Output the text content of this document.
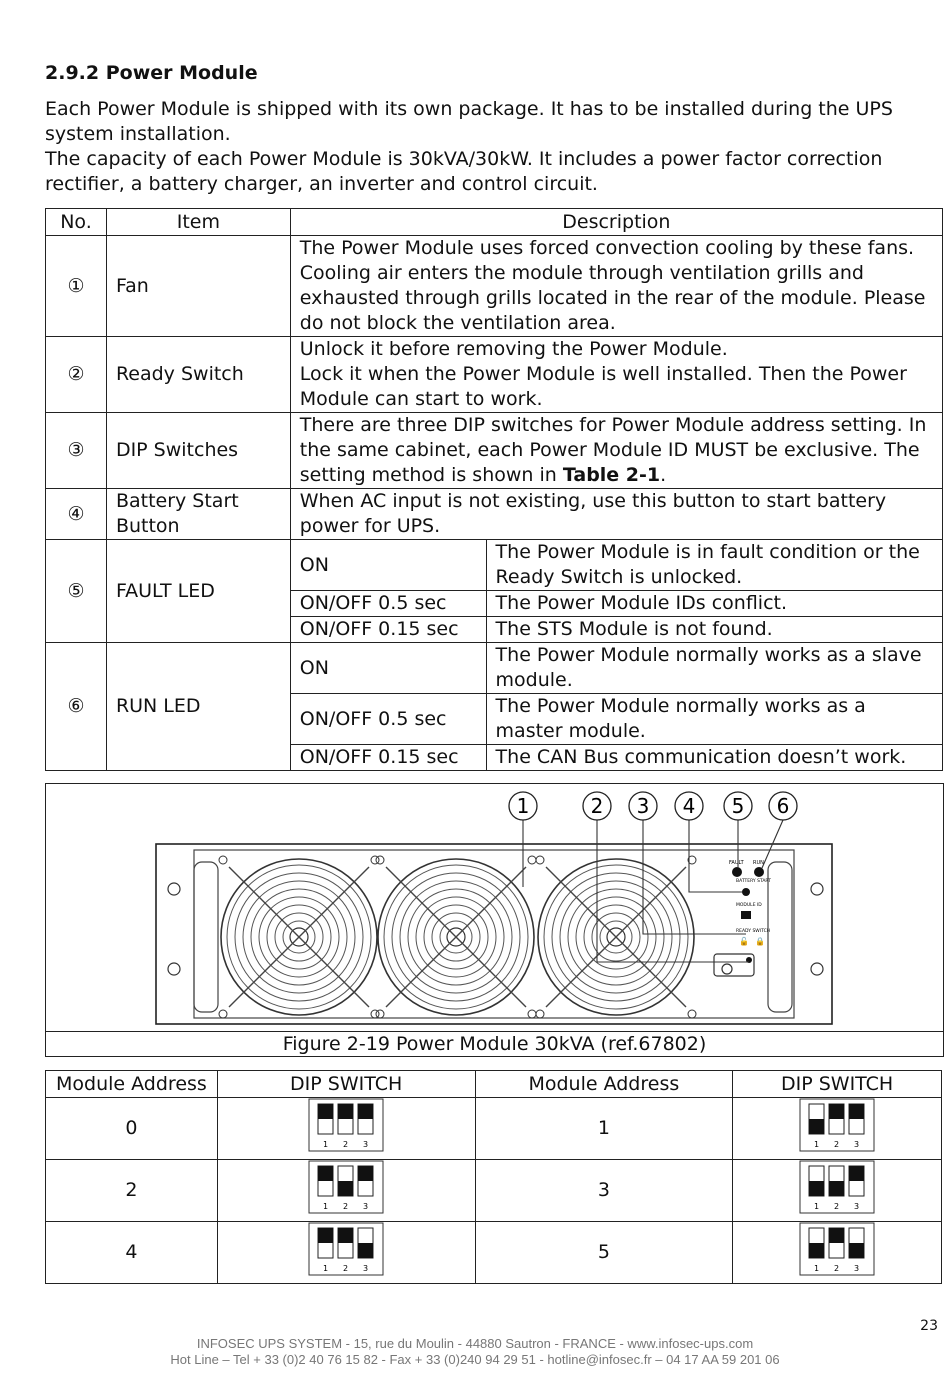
2.9.2 Power Module

Each Power Module is shipped with its own package. It has to be installed during the UPS system installation.

The capacity of each Power Module is 30kVA/30kW. It includes a power factor correction rectifier, a battery charger, an inverter and control circuit.

No.	Item	Description	
①	Fan	The Power Module uses forced convection cooling by these fans. Cooling air enters the module through ventilation grills and exhausted through grills located in the rear of the module. Please do not block the ventilation area.	
②	Ready Switch	Unlock it before removing the Power Module.
Lock it when the Power Module is well installed. Then the Power Module can start to work.	
③	DIP Switches	There are three DIP switches for Power Module address setting. In the same cabinet, each Power Module ID MUST be exclusive. The setting method is shown in Table 2-1.	
④	Battery Start Button	When AC input is not existing, use this button to start battery power for UPS.	
⑤	FAULT LED	ON	The Power Module is in fault condition or the Ready Switch is unlocked.
		ON/OFF 0.5 sec	The Power Module IDs conflict.
		ON/OFF 0.15 sec	The STS Module is not found.
⑥	RUN LED	ON	The Power Module normally works as a slave module.
		ON/OFF 0.5 sec	The Power Module normally works as a master module.
		ON/OFF 0.15 sec	The CAN Bus communication doesn’t work.
FAULT RUN
BATTERY START
MODULE ID
READY SWITCH
🔓 🔒
1	2 3 4 5 6
Figure 2-19 Power Module 30kVA (ref.67802)
Module Address	DIP SWITCH	Module Address	DIP SWITCH
0	1 2 3	1	1 2 3

2	1 2 3	3	1 2 3

4	1 2 3	5	1 2 3
23
INFOSEC UPS SYSTEM - 15, rue du Moulin - 44880 Sautron - FRANCE - www.infosec-ups.com
Hot Line – Tel + 33 (0)2 40 76 15 82 - Fax + 33 (0)240 94 29 51 - hotline@infosec.fr – 04 17 AA 59 201 06
